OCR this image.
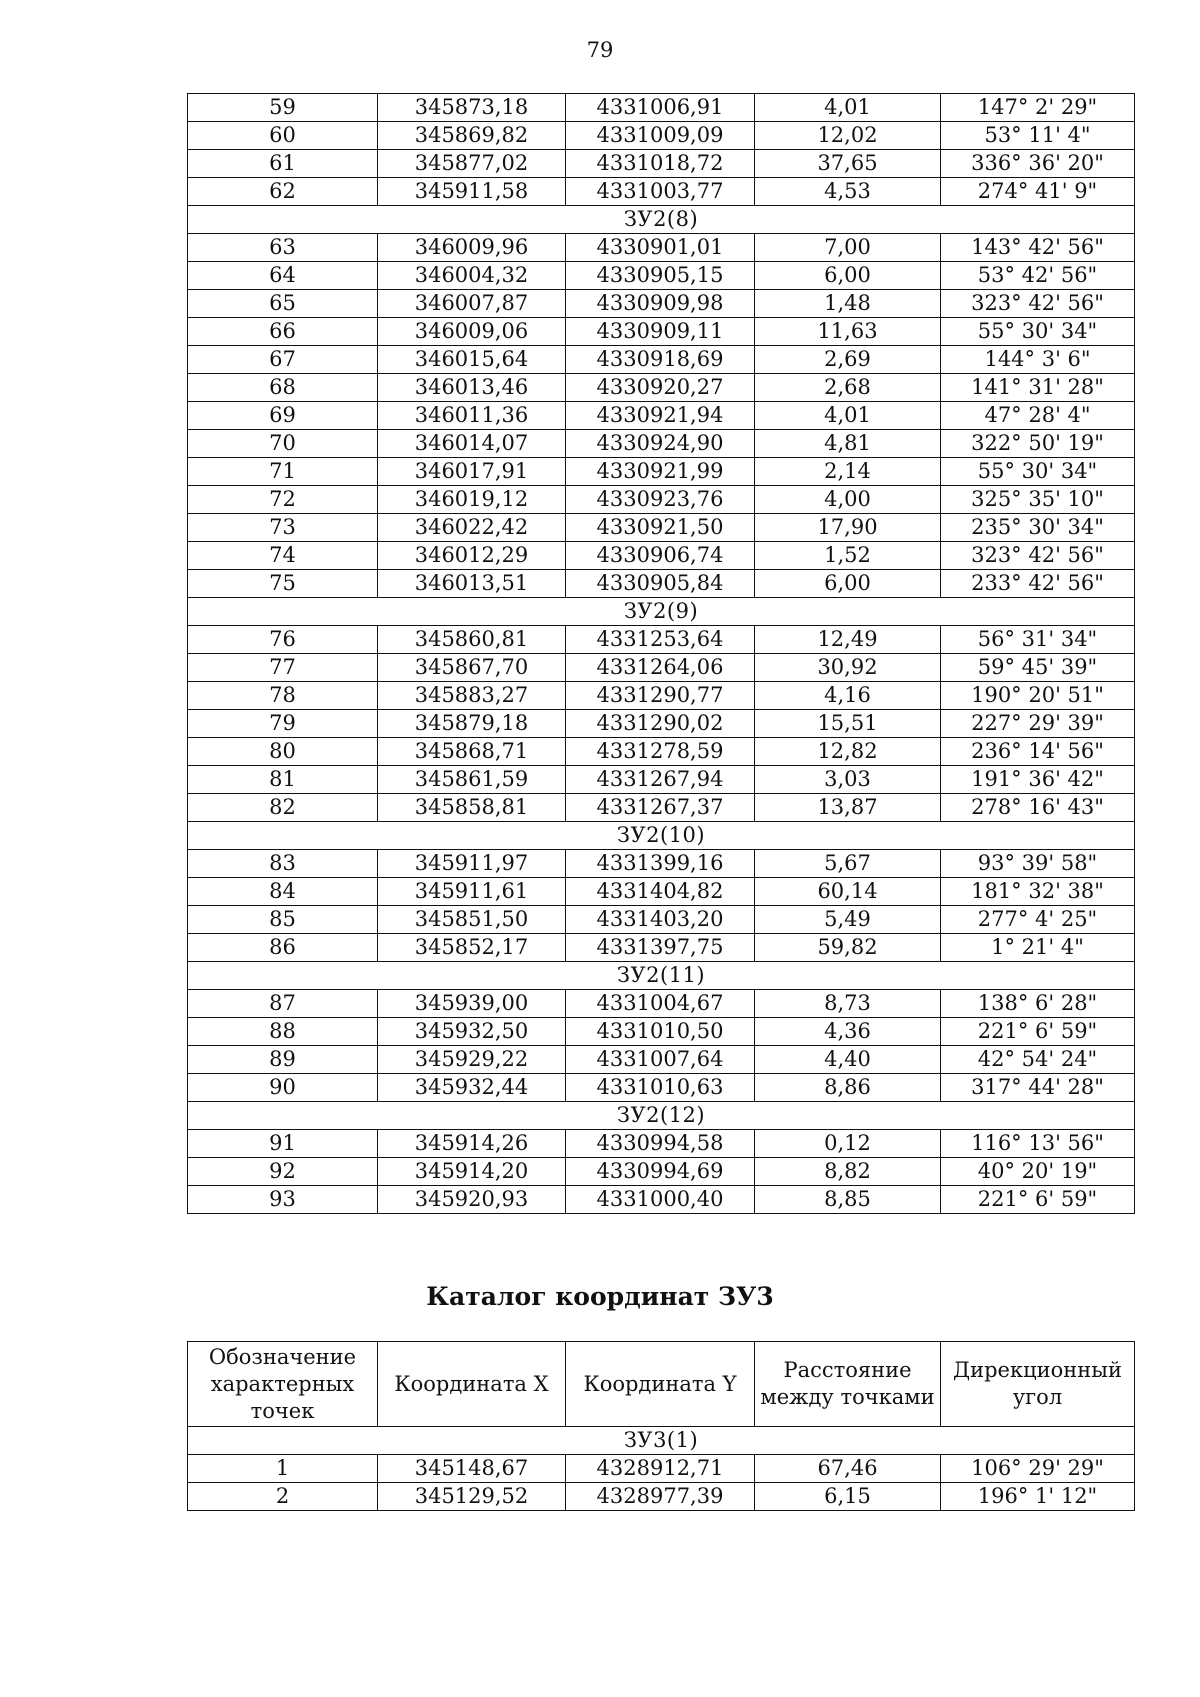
79
59	345873,18	4331006,91	4,01	147° 2' 29"
60	345869,82	4331009,09	12,02	53° 11' 4"
61	345877,02	4331018,72	37,65	336° 36' 20"
62	345911,58	4331003,77	4,53	274° 41' 9"
ЗУ2(8)				
63	346009,96	4330901,01	7,00	143° 42' 56"
64	346004,32	4330905,15	6,00	53° 42' 56"
65	346007,87	4330909,98	1,48	323° 42' 56"
66	346009,06	4330909,11	11,63	55° 30' 34"
67	346015,64	4330918,69	2,69	144° 3' 6"
68	346013,46	4330920,27	2,68	141° 31' 28"
69	346011,36	4330921,94	4,01	47° 28' 4"
70	346014,07	4330924,90	4,81	322° 50' 19"
71	346017,91	4330921,99	2,14	55° 30' 34"
72	346019,12	4330923,76	4,00	325° 35' 10"
73	346022,42	4330921,50	17,90	235° 30' 34"
74	346012,29	4330906,74	1,52	323° 42' 56"
75	346013,51	4330905,84	6,00	233° 42' 56"
ЗУ2(9)				
76	345860,81	4331253,64	12,49	56° 31' 34"
77	345867,70	4331264,06	30,92	59° 45' 39"
78	345883,27	4331290,77	4,16	190° 20' 51"
79	345879,18	4331290,02	15,51	227° 29' 39"
80	345868,71	4331278,59	12,82	236° 14' 56"
81	345861,59	4331267,94	3,03	191° 36' 42"
82	345858,81	4331267,37	13,87	278° 16' 43"
ЗУ2(10)				
83	345911,97	4331399,16	5,67	93° 39' 58"
84	345911,61	4331404,82	60,14	181° 32' 38"
85	345851,50	4331403,20	5,49	277° 4' 25"
86	345852,17	4331397,75	59,82	1° 21' 4"
ЗУ2(11)				
87	345939,00	4331004,67	8,73	138° 6' 28"
88	345932,50	4331010,50	4,36	221° 6' 59"
89	345929,22	4331007,64	4,40	42° 54' 24"
90	345932,44	4331010,63	8,86	317° 44' 28"
ЗУ2(12)				
91	345914,26	4330994,58	0,12	116° 13' 56"
92	345914,20	4330994,69	8,82	40° 20' 19"
93	345920,93	4331000,40	8,85	221° 6' 59"
Каталог координат ЗУ3
Обозначение характерных точек	Координата X	Координата Y	Расстояние между точками	Дирекционный угол
ЗУ3(1)				
1	345148,67	4328912,71	67,46	106° 29' 29"
2	345129,52	4328977,39	6,15	196° 1' 12"
